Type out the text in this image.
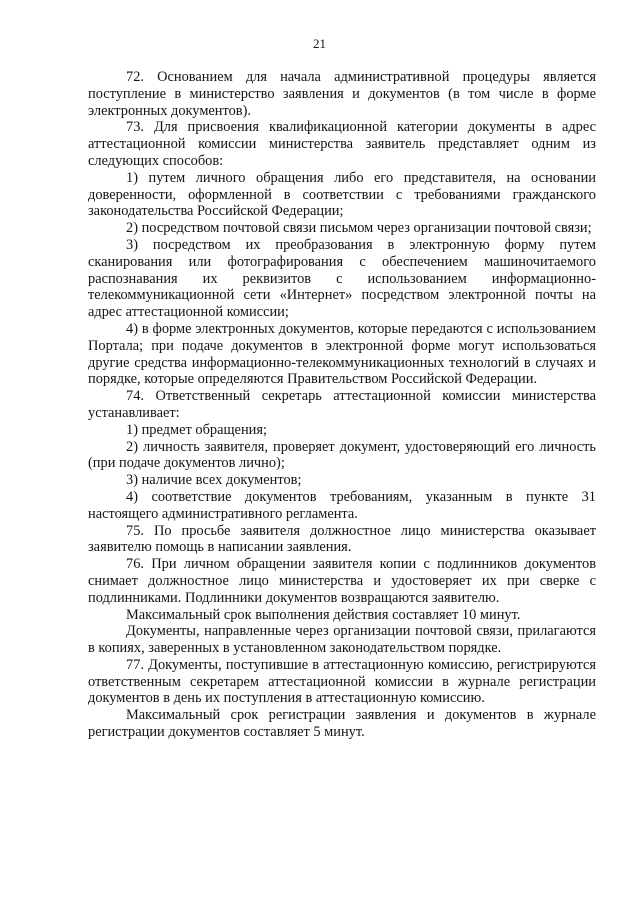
21

72. Основанием для начала административной процедуры является поступление в министерство заявления и документов (в том числе в форме электронных документов).

73. Для присвоения квалификационной категории документы в адрес аттестационной комиссии министерства заявитель представляет одним из следующих способов:

1) путем личного обращения либо его представителя, на основании доверенности, оформленной в соответствии с требованиями гражданского законодательства Российской Федерации;

2) посредством почтовой связи письмом через организации почтовой связи;

3) посредством их преобразования в электронную форму путем сканирования или фотографирования с обеспечением машиночитаемого распознавания их реквизитов с использованием информационно-телекоммуникационной сети «Интернет» посредством электронной почты на адрес аттестационной комиссии;

4) в форме электронных документов, которые передаются с использованием Портала; при подаче документов в электронной форме могут использоваться другие средства информационно-телекоммуникационных технологий в случаях и порядке, которые определяются Правительством Российской Федерации.

74. Ответственный секретарь аттестационной комиссии министерства устанавливает:

1) предмет обращения;

2) личность заявителя, проверяет документ, удостоверяющий его личность (при подаче документов лично);

3) наличие всех документов;

4) соответствие документов требованиям, указанным в пункте 31 настоящего административного регламента.

75. По просьбе заявителя должностное лицо министерства оказывает заявителю помощь в написании заявления.

76. При личном обращении заявителя копии с подлинников документов снимает должностное лицо министерства и удостоверяет их при сверке с подлинниками. Подлинники документов возвращаются заявителю.

Максимальный срок выполнения действия составляет 10 минут.

Документы, направленные через организации почтовой связи, прилагаются в копиях, заверенных в установленном законодательством порядке.

77. Документы, поступившие в аттестационную комиссию, регистрируются ответственным секретарем аттестационной комиссии в журнале регистрации документов в день их поступления в аттестационную комиссию.

Максимальный срок регистрации заявления и документов в журнале регистрации документов составляет 5 минут.
